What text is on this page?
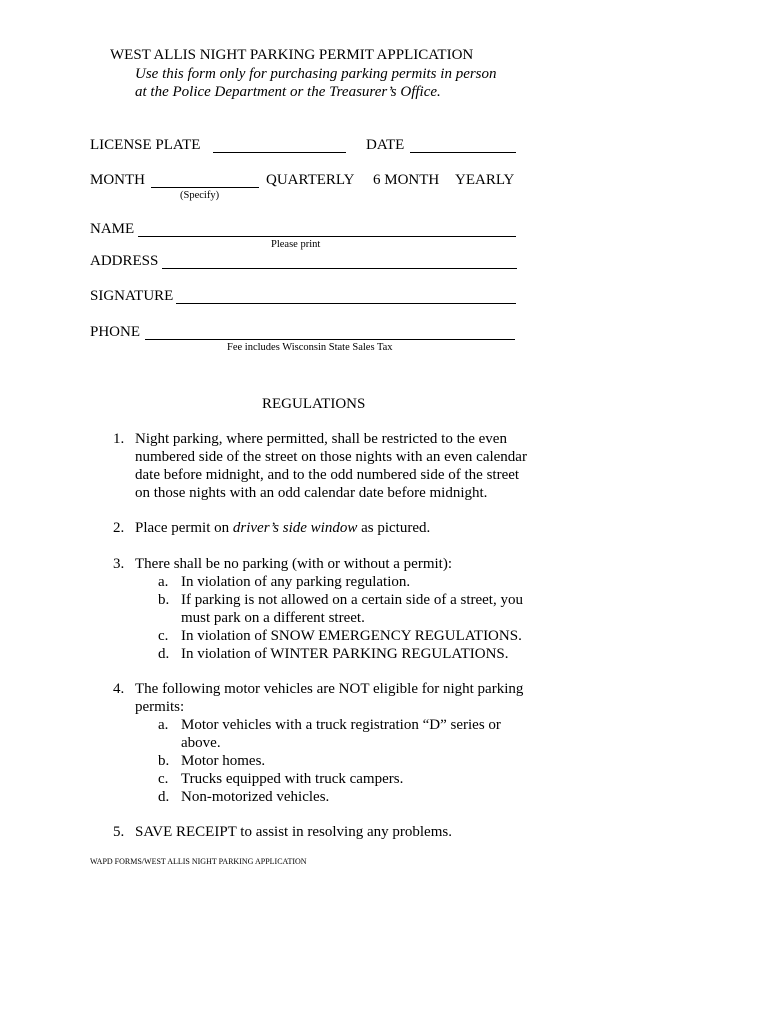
WEST ALLIS NIGHT PARKING PERMIT APPLICATION
Use this form only for purchasing parking permits in person
at the Police Department or the Treasurer’s Office.
LICENSE PLATE	DATE
MONTH
(Specify)
QUARTERLY 6 MONTH YEARLY
NAME
Please print
ADDRESS
SIGNATURE
PHONE
Fee includes Wisconsin State Sales Tax
REGULATIONS
1. Night parking, where permitted, shall be restricted to the even
numbered side of the street on those nights with an even calendar
date before midnight, and to the odd numbered side of the street
on those nights with an odd calendar date before midnight.
2. Place permit on driver’s side window as pictured.
3. There shall be no parking (with or without a permit):
a. In violation of any parking regulation.
b. If parking is not allowed on a certain side of a street, you
must park on a different street.
c. In violation of SNOW EMERGENCY REGULATIONS.
d. In violation of WINTER PARKING REGULATIONS.
4. The following motor vehicles are NOT eligible for night parking
permits:
a. Motor vehicles with a truck registration “D” series or
above.
b. Motor homes.
c. Trucks equipped with truck campers.
d. Non-motorized vehicles.
5. SAVE RECEIPT to assist in resolving any problems.
WAPD FORMS/WEST ALLIS NIGHT PARKING APPLICATION
